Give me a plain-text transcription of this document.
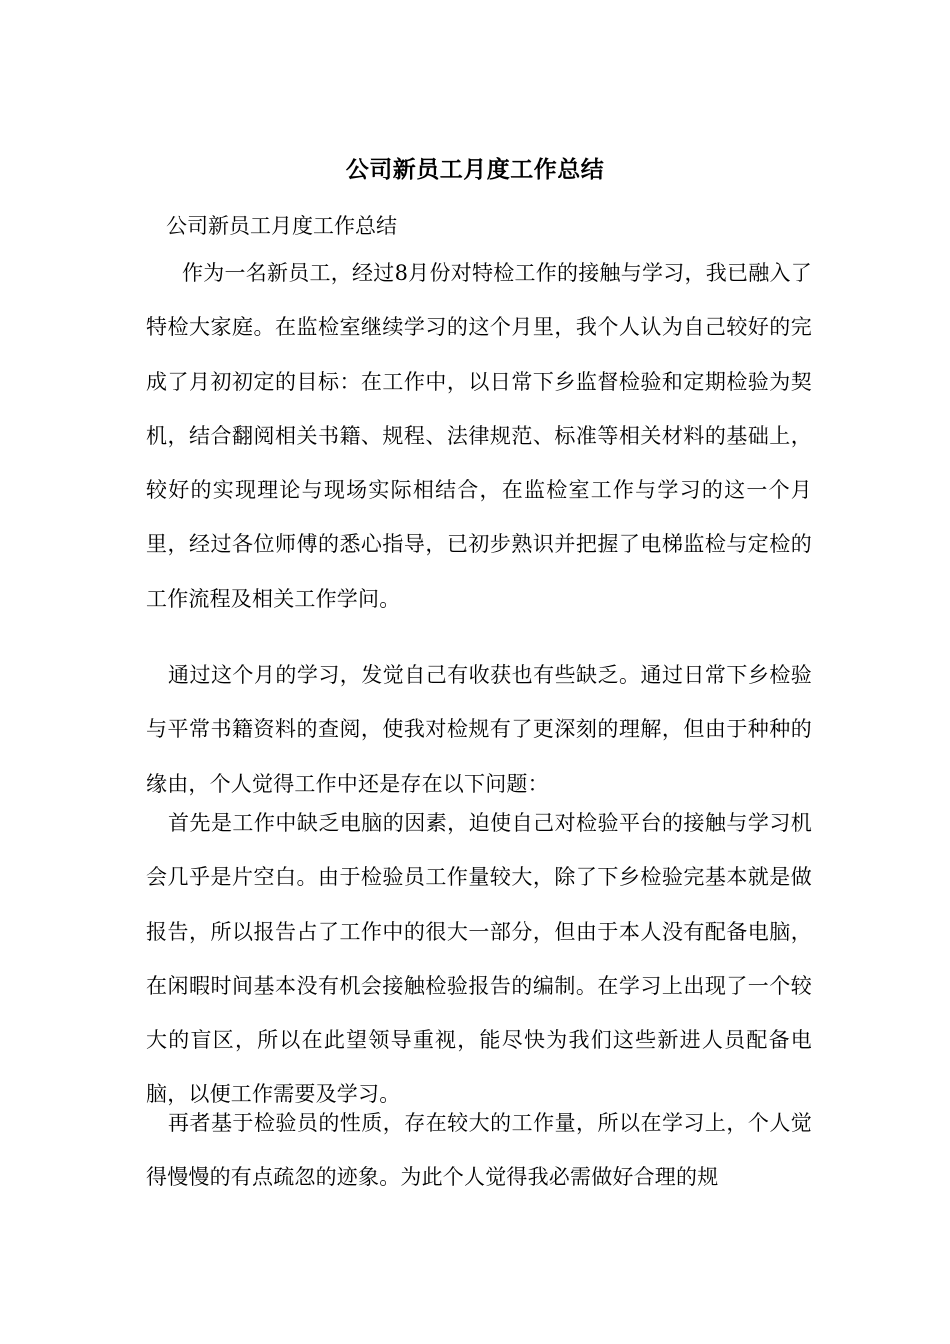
公司新员工月度工作总结
公司新员工月度工作总结

作为一名新员工，经过8月份对特检工作的接触与学习，我已融入了特检大家庭。在监检室继续学习的这个月里，我个人认为自己较好的完成了月初初定的目标：在工作中，以日常下乡监督检验和定期检验为契机，结合翻阅相关书籍、规程、法律规范、标准等相关材料的基础上，较好的实现理论与现场实际相结合，在监检室工作与学习的这一个月里，经过各位师傅的悉心指导，已初步熟识并把握了电梯监检与定检的工作流程及相关工作学问。

通过这个月的学习，发觉自己有收获也有些缺乏。通过日常下乡检验与平常书籍资料的查阅，使我对检规有了更深刻的理解，但由于种种的缘由，个人觉得工作中还是存在以下问题：

首先是工作中缺乏电脑的因素，迫使自己对检验平台的接触与学习机会几乎是片空白。由于检验员工作量较大，除了下乡检验完基本就是做报告，所以报告占了工作中的很大一部分，但由于本人没有配备电脑，在闲暇时间基本没有机会接触检验报告的编制。在学习上出现了一个较大的盲区，所以在此望领导重视，能尽快为我们这些新进人员配备电脑，以便工作需要及学习。

再者基于检验员的性质，存在较大的工作量，所以在学习上，个人觉得慢慢的有点疏忽的迹象。为此个人觉得我必需做好合理的规
